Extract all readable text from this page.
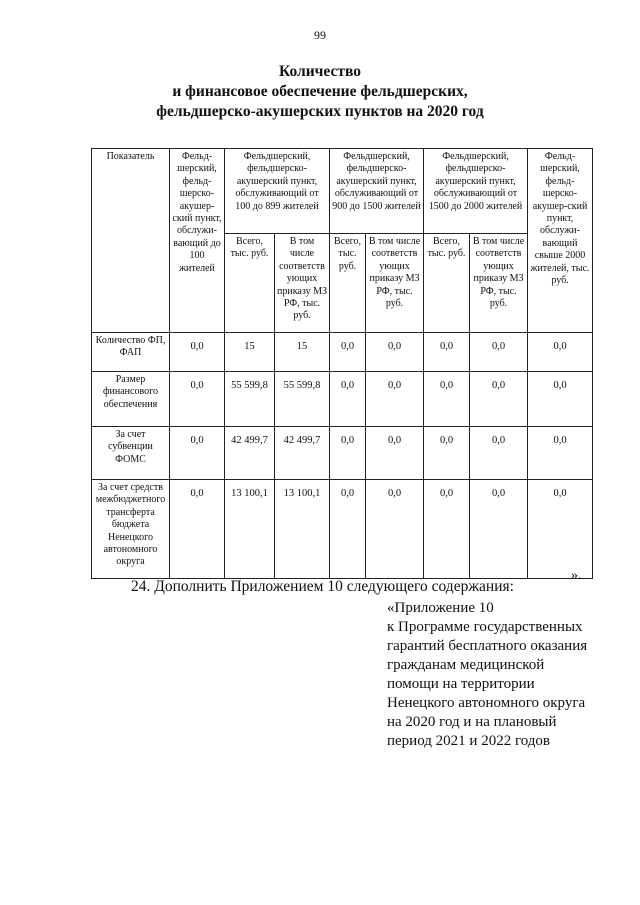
99
Количество
и финансовое обеспечение фельдшерских,
фельдшерско-акушерских пунктов на 2020 год
Показатель	Фельд-шерский, фельд-шерско-акушер-ский пункт, обслужи-вающий до 100 жителей	Фельдшерский, фельдшерско-акушерский пункт, обслуживающий от 100 до 899 жителей		Фельдшерский, фельдшерско-акушерский пункт, обслуживающий от 900 до 1500 жителей		Фельдшерский, фельдшерско-акушерский пункт, обслуживающий от 1500 до 2000 жителей		Фельд-шерский, фельд-шерско-акушер-ский пункт, обслужи-вающий свыше 2000 жителей, тыс. руб.
		Всего, тыс. руб.	В том числе соответств ующих приказу МЗ РФ, тыс. руб.	Всего, тыс. руб.	В том числе соответств ующих приказу МЗ РФ, тыс. руб.	Всего, тыс. руб.	В том числе соответств ующих приказу МЗ РФ, тыс. руб.	
Количество ФП, ФАП	0,0	15	15	0,0	0,0	0,0	0,0	0,0
Размер финансового обеспечения	0,0	55 599,8	55 599,8	0,0	0,0	0,0	0,0	0,0
За счет субвенции ФОМС	0,0	42 499,7	42 499,7	0,0	0,0	0,0	0,0	0,0
За счет средств межбюджетного трансферта бюджета Ненецкого автономного округа	0,0	13 100,1	13 100,1	0,0	0,0	0,0	0,0	0,0
».
24. Дополнить Приложением 10 следующего содержания:
«Приложение 10
к Программе государственных
гарантий бесплатного оказания
гражданам медицинской
помощи на территории
Ненецкого автономного округа
на 2020 год и на плановый
период 2021 и 2022 годов
